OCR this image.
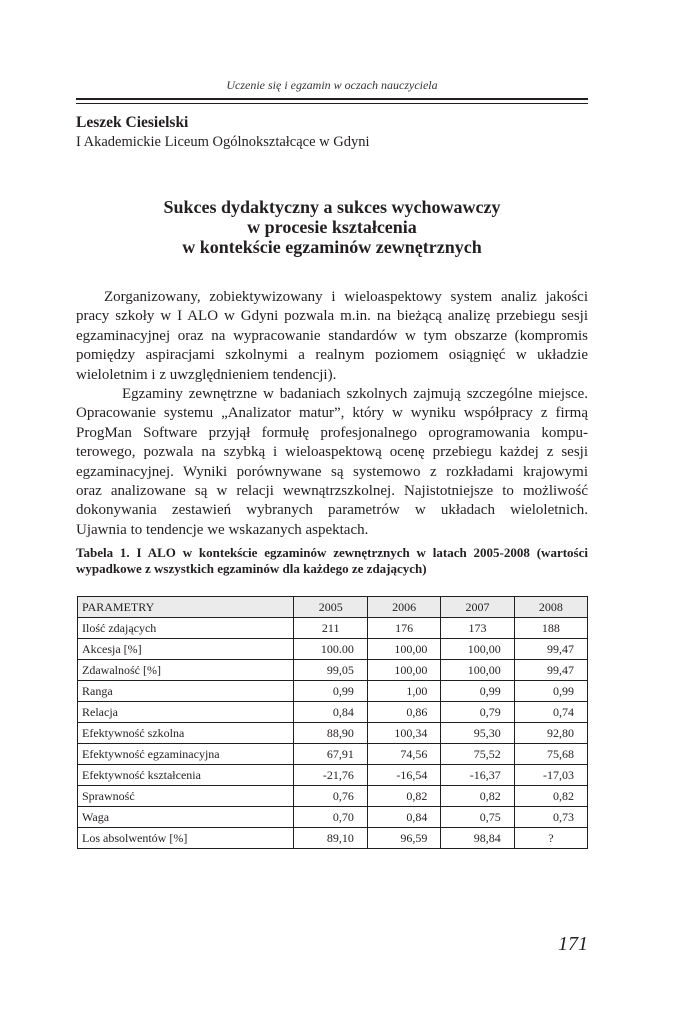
Uczenie się i egzamin w oczach nauczyciela
Leszek Ciesielski
I Akademickie Liceum Ogólnokształcące w Gdyni
Sukces dydaktyczny a sukces wychowawczy
w procesie kształcenia
w kontekście egzaminów zewnętrznych
Zorganizowany, zobiektywizowany i wieloaspektowy system analiz jakości
pracy szkoły w I ALO w Gdyni pozwala m.in. na bieżącą analizę przebiegu sesji
egzaminacyjnej oraz na wypracowanie standardów w tym obszarze (kompromis
pomiędzy aspiracjami szkolnymi a realnym poziomem osiągnięć w układzie
wieloletnim i z uwzględnieniem tendencji).
Egzaminy zewnętrzne w badaniach szkolnych zajmują szczególne miejsce.
Opracowanie systemu „Analizator matur”, który w wyniku współpracy z firmą
ProgMan Software przyjął formułę profesjonalnego oprogramowania kompu-
terowego, pozwala na szybką i wieloaspektową ocenę przebiegu każdej z sesji
egzaminacyjnej. Wyniki porównywane są systemowo z rozkładami krajowymi
oraz analizowane są w relacji wewnątrzszkolnej. Najistotniejsze to możliwość
dokonywania zestawień wybranych parametrów w układach wieloletnich.
Ujawnia to tendencje we wskazanych aspektach.
Tabela 1. I ALO w kontekście egzaminów zewnętrznych w latach 2005-2008 (wartości
wypadkowe z wszystkich egzaminów dla każdego ze zdających)
PARAMETRY	2005	2006	2007	2008
Ilość zdających	211	176	173	188
Akcesja [%]	100.00	100,00	100,00	99,47
Zdawalność [%]	99,05	100,00	100,00	99,47
Ranga	0,99	1,00	0,99	0,99
Relacja	0,84	0,86	0,79	0,74
Efektywność szkolna	88,90	100,34	95,30	92,80
Efektywność egzaminacyjna	67,91	74,56	75,52	75,68
Efektywność kształcenia	-21,76	-16,54	-16,37	-17,03
Sprawność	0,76	0,82	0,82	0,82
Waga	0,70	0,84	0,75	0,73
Los absolwentów [%]	89,10	96,59	98,84	?
171
